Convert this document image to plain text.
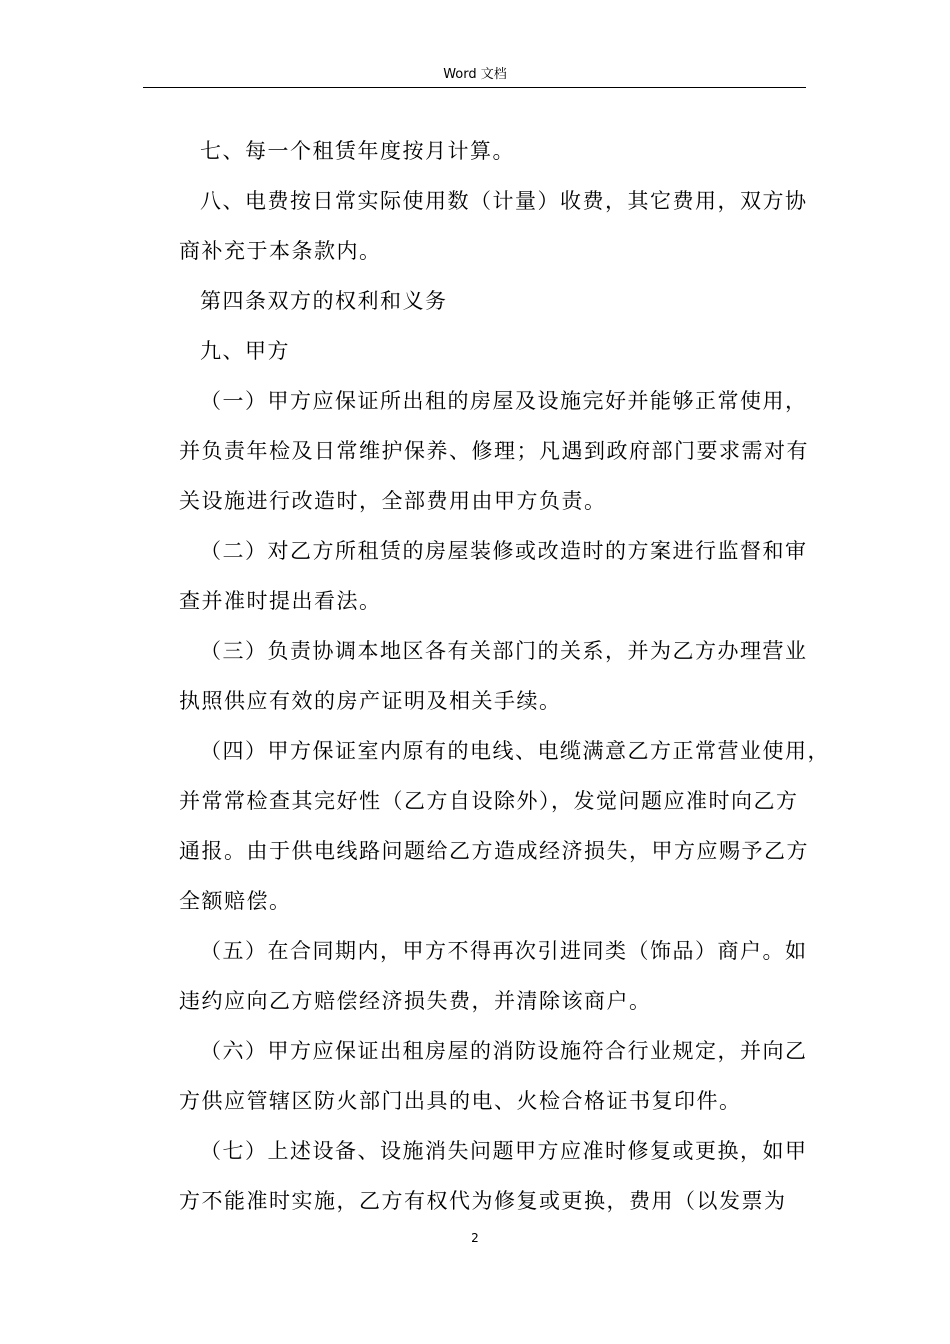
Word 文档
七、每一个租赁年度按月计算。
八、电费按日常实际使用数（计量）收费，其它费用，双方协
商补充于本条款内。
第四条双方的权利和义务
九、甲方
（一）甲方应保证所出租的房屋及设施完好并能够正常使用，
并负责年检及日常维护保养、修理；凡遇到政府部门要求需对有
关设施进行改造时，全部费用由甲方负责。
（二）对乙方所租赁的房屋装修或改造时的方案进行监督和审
查并准时提出看法。
（三）负责协调本地区各有关部门的关系，并为乙方办理营业
执照供应有效的房产证明及相关手续。
（四）甲方保证室内原有的电线、电缆满意乙方正常营业使用，
并常常检查其完好性（乙方自设除外），发觉问题应准时向乙方
通报。由于供电线路问题给乙方造成经济损失，甲方应赐予乙方
全额赔偿。
（五）在合同期内，甲方不得再次引进同类（饰品）商户。如
违约应向乙方赔偿经济损失费，并清除该商户。
（六）甲方应保证出租房屋的消防设施符合行业规定，并向乙
方供应管辖区防火部门出具的电、火检合格证书复印件。
（七）上述设备、设施消失问题甲方应准时修复或更换，如甲
方不能准时实施，乙方有权代为修复或更换，费用（以发票为
2
